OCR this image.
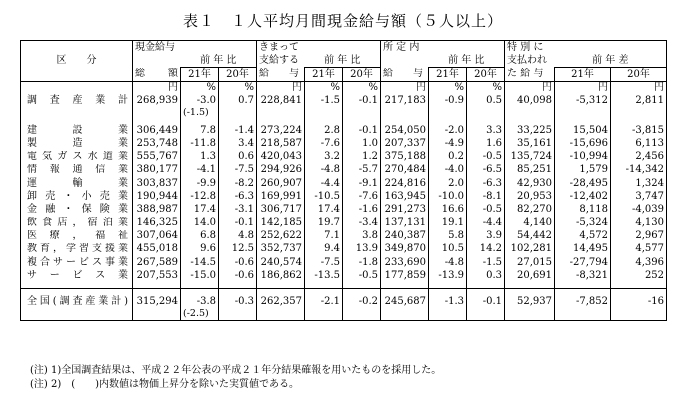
表１　１人平均月間現金給与額（５人以上）
区　　分	現金給与			きまって			所 定 内			特 別 に		
		前 年 比		支給する	前 年 比			前 年 比		支払われ	前 年 差	
	総 額	21年	20年	給　　与	21年	20年	給　　与	21年	20年	た 給 与	21年	20年
	円	%	%	円	%	%	円	%	%	円	円	円
調査産業計	268,939	-3.0	0.7	228,841	-1.5	-0.1	217,183	-0.9	0.5	40,098	-5,312	2,811
		(-1.5)										

建設業	306,449	7.8	-1.4	273,224	2.8	-0.1	254,050	-2.0	3.3	33,225	15,504	-3,815
製造業	253,748	-11.8	3.4	218,587	-7.6	1.0	207,337	-4.9	1.6	35,161	-15,696	6,113
電気ガス水道業	555,767	1.3	0.6	420,043	3.2	1.2	375,188	0.2	-0.5	135,724	-10,994	2,456
情報通信業	380,177	-4.1	-7.5	294,926	-4.8	-5.7	270,484	-4.0	-6.5	85,251	1,579	-14,342
運輸業	303,837	-9.9	-8.2	260,907	-4.4	-9.1	224,816	2.0	-6.3	42,930	-28,495	1,324
卸売・小売業	190,944	-12.8	-6.3	169,991	-10.5	-7.6	163,945	-10.0	-8.1	20,953	-12,402	3,747
金融・保険業	388,987	17.4	-3.1	306,717	17.4	-1.6	291,273	16.6	-0.5	82,270	8,118	-4,039
飲食店，宿泊業	146,325	14.0	-0.1	142,185	19.7	-3.4	137,131	19.1	-4.4	4,140	-5,324	4,130
医療，福祉	307,064	6.8	4.8	252,622	7.1	3.8	240,387	5.8	3.9	54,442	4,572	2,967
教育，学習支援業	455,018	9.6	12.5	352,737	9.4	13.9	349,870	10.5	14.2	102,281	14,495	4,577
複合サービス事業	267,589	-14.5	-0.6	240,574	-7.5	-1.8	233,690	-4.8	-1.5	27,015	-27,794	4,396
サービス業	207,553	-15.0	-0.6	186,862	-13.5	-0.5	177,859	-13.9	0.3	20,691	-8,321	252

全国(調査産業計)	315,294	-3.8	-0.3	262,357	-2.1	-0.2	245,687	-1.3	-0.1	52,937	-7,852	-16
		(-2.5)										
(注) 1)全国調査結果は、平成２２年公表の平成２１年分結果確報を用いたものを採用した。
(注) 2)　(　　)内数値は物価上昇分を除いた実質値である。
